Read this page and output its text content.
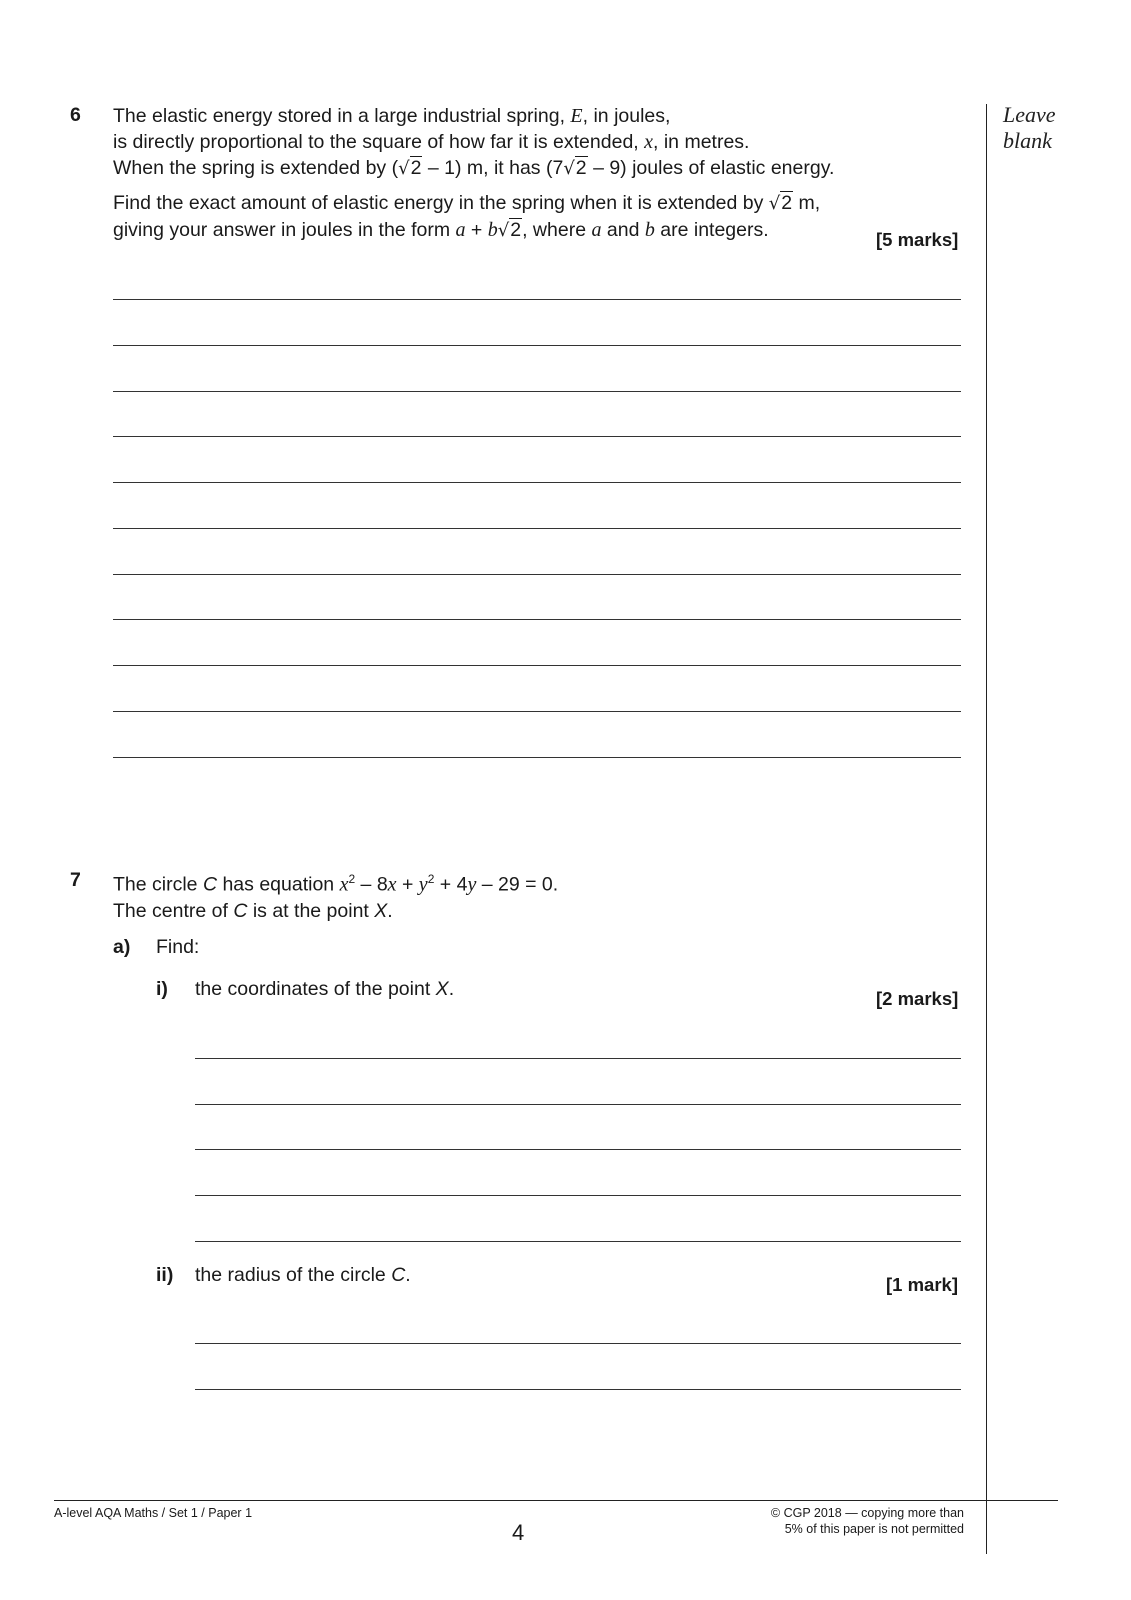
Leave
blank
6 The elastic energy stored in a large industrial spring, E, in joules,
is directly proportional to the square of how far it is extended, x, in metres.
When the spring is extended by (√2 – 1) m, it has (7√2 – 9) joules of elastic energy.
Find the exact amount of elastic energy in the spring when it is extended by √2 m,
giving your answer in joules in the form a + b√2, where a and b are integers.	[5 marks]
7 The circle C has equation $x^2 - 8x + y^2 + 4y - 29 = 0$.
The centre of C is at the point X.
a) Find:
i) the coordinates of the point X.	[2 marks]
ii) the radius of the circle C.	[1 mark]
A-level AQA Maths / Set 1 / Paper 1
4
© CGP 2018 — copying more than
5% of this paper is not permitted
